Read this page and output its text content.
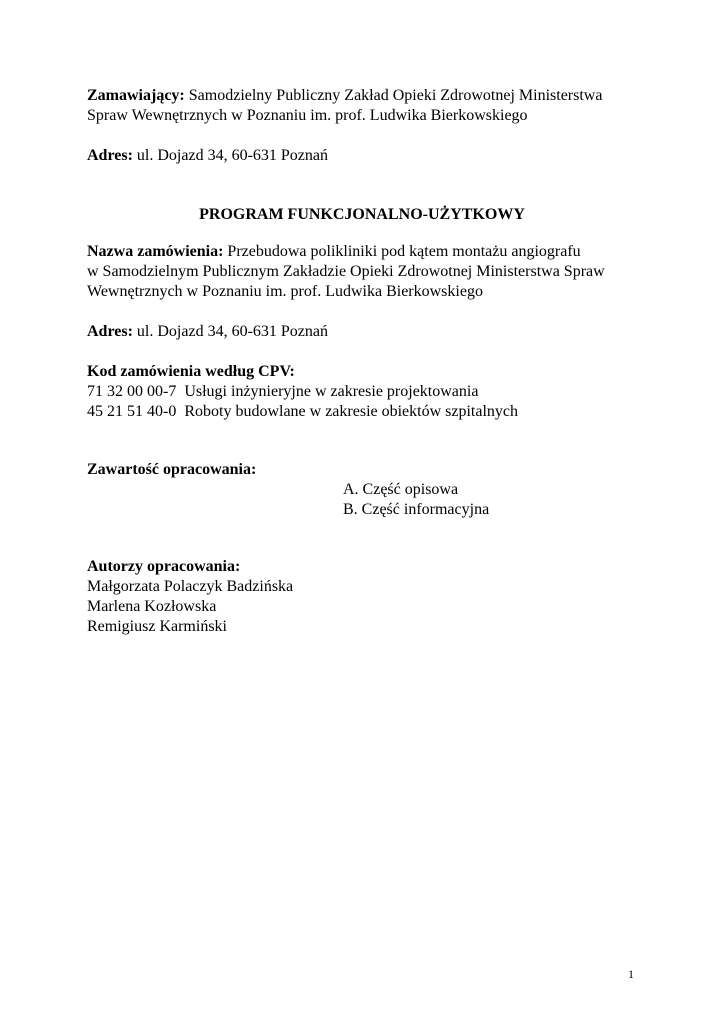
Zamawiający: Samodzielny Publiczny Zakład Opieki Zdrowotnej Ministerstwa
Spraw Wewnętrznych w Poznaniu im. prof. Ludwika Bierkowskiego
Adres: ul. Dojazd 34, 60-631 Poznań
PROGRAM FUNKCJONALNO-UŻYTKOWY
Nazwa zamówienia: Przebudowa polikliniki pod kątem montażu angiografu
w Samodzielnym Publicznym Zakładzie Opieki Zdrowotnej Ministerstwa Spraw
Wewnętrznych w Poznaniu im. prof. Ludwika Bierkowskiego
Adres: ul. Dojazd 34, 60-631 Poznań
Kod zamówienia według CPV:
71 32 00 00-7 Usługi inżynieryjne w zakresie projektowania
45 21 51 40-0 Roboty budowlane w zakresie obiektów szpitalnych
Zawartość opracowania:
A. Część opisowa
B. Część informacyjna
Autorzy opracowania:
Małgorzata Polaczyk Badzińska
Marlena Kozłowska
Remigiusz Karmiński
1
